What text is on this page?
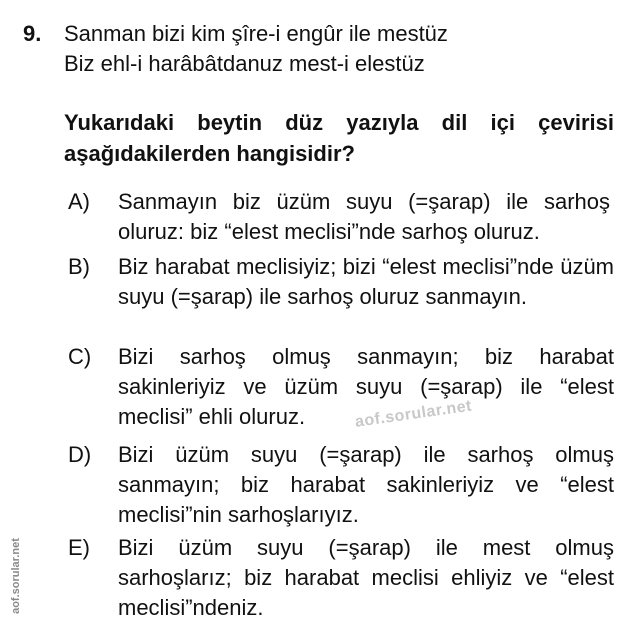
9. Sanman bizi kim şîre-i engûr ile mestüz
Biz ehl-i harâbâtdanuz mest-i elestüz
Yukarıdaki beytin düz yazıyla dil içi çevirisi aşağıdakilerden hangisidir?
A) Sanmayın biz üzüm suyu (=şarap) ile sarhoş oluruz: biz “elest meclisi”nde sarhoş oluruz.
B) Biz harabat meclisiyiz; bizi “elest meclisi”nde üzüm suyu (=şarap) ile sarhoş oluruz sanmayın.
C) Bizi sarhoş olmuş sanmayın; biz harabat sakinleriyiz ve üzüm suyu (=şarap) ile “elest meclisi” ehli oluruz.
D) Bizi üzüm suyu (=şarap) ile sarhoş olmuş sanmayın; biz harabat sakinleriyiz ve “elest meclisi”nin sarhoşlarıyız.
E) Bizi üzüm suyu (=şarap) ile mest olmuş sarhoşlarız; biz harabat meclisi ehliyiz ve “elest meclisi”ndeniz.
aof.sorular.net
aof.sorular.net
